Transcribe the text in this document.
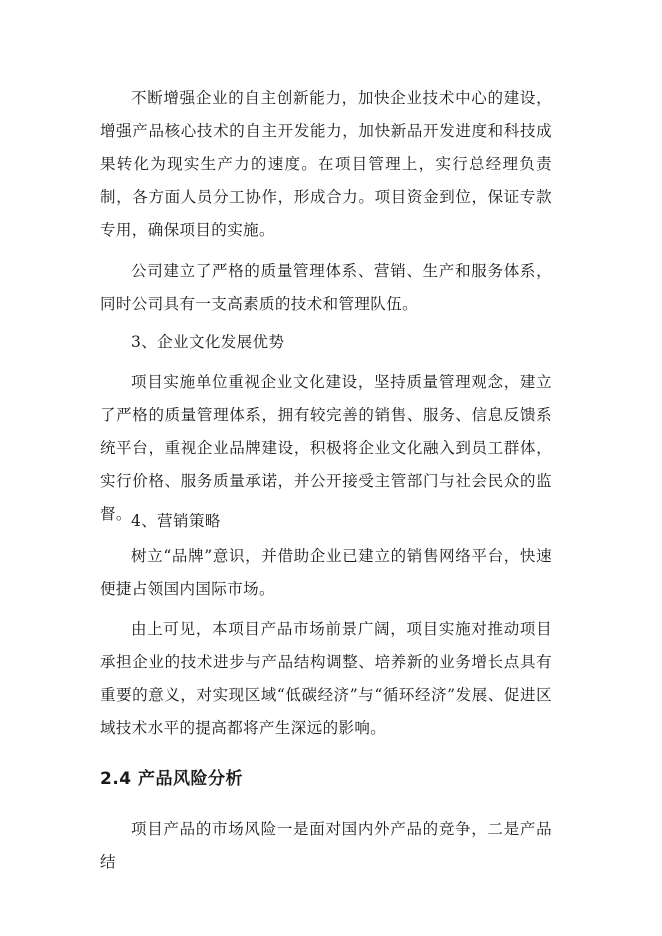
不断增强企业的自主创新能力，加快企业技术中心的建设，增强产品核心技术的自主开发能力，加快新品开发进度和科技成果转化为现实生产力的速度。在项目管理上，实行总经理负责制，各方面人员分工协作，形成合力。项目资金到位，保证专款专用，确保项目的实施。

公司建立了严格的质量管理体系、营销、生产和服务体系，同时公司具有一支高素质的技术和管理队伍。

3、企业文化发展优势

项目实施单位重视企业文化建设，坚持质量管理观念，建立了严格的质量管理体系，拥有较完善的销售、服务、信息反馈系统平台，重视企业品牌建设，积极将企业文化融入到员工群体，实行价格、服务质量承诺，并公开接受主管部门与社会民众的监督。 4、营销策略

树立“品牌”意识，并借助企业已建立的销售网络平台，快速便捷占领国内国际市场。

由上可见，本项目产品市场前景广阔，项目实施对推动项目承担企业的技术进步与产品结构调整、培养新的业务增长点具有重要的意义，对实现区域“低碳经济”与“循环经济”发展、促进区域技术水平的提高都将产生深远的影响。

2.4 产品风险分析

项目产品的市场风险一是面对国内外产品的竞争，二是产品结
